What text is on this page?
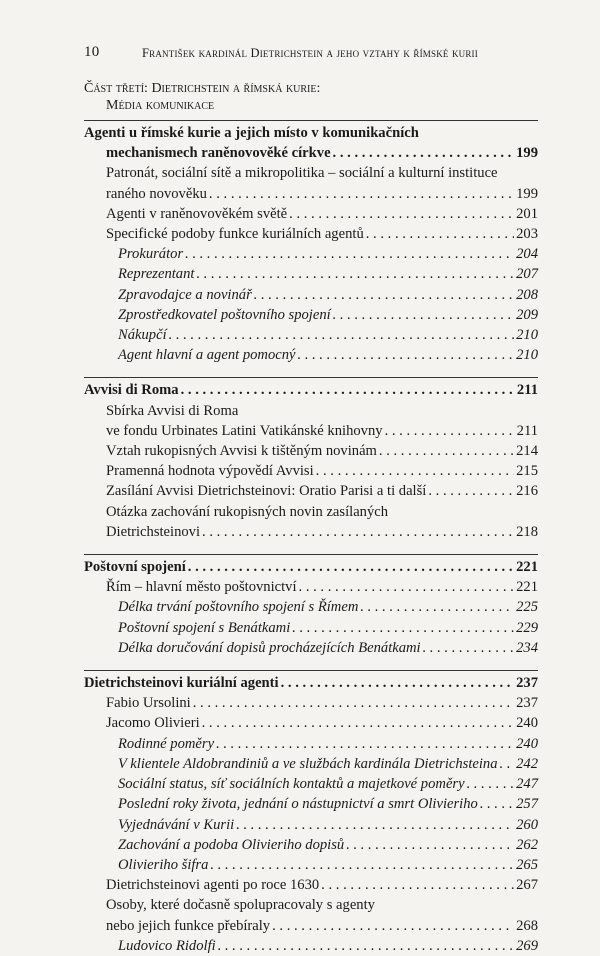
10	František kardinál Dietrichstein a jeho vztahy k římské kurii
Část třetí: Dietrichstein a římská kurie:
Média komunikace
Agenti u římské kurie a jejich místo v komunikačních
mechanismech raněnovověké církve . . .	199
Patronát, sociální sítě a mikropolitika – sociální a kulturní instituce
raného novověku . . .	199
Agenti v raněnovověkém světě . . .	201
Specifické podoby funkce kuriálních agentů . . .	203
Prokurátor . . .	204
Reprezentant . . .	207
Zpravodajce a novinář . . .	208
Zprostředkovatel poštovního spojení . . .	209
Nákupčí . . .	210
Agent hlavní a agent pomocný . . .	210
Avvisi di Roma . . .	211
Sbírka Avvisi di Roma
ve fondu Urbinates Latini Vatikánské knihovny . . .	211
Vztah rukopisných Avvisi k tištěným novinám . . .	214
Pramenná hodnota výpovědí Avvisi . . .	215
Zasílání Avvisi Dietrichsteinovi: Oratio Parisi a ti další . . .	216
Otázka zachování rukopisných novin zasílaných
Dietrichsteinovi . . .	218
Poštovní spojení . . .	221
Řím – hlavní město poštovnictví . . .	221
Délka trvání poštovního spojení s Římem . . .	225
Poštovní spojení s Benátkami . . .	229
Délka doručování dopisů procházejících Benátkami . . .	234
Dietrichsteinovi kuriální agenti . . .	237
Fabio Ursolini . . .	237
Jacomo Olivieri . . .	240
Rodinné poměry . . .	240
V klientele Aldobrandiniů a ve službách kardinála Dietrichsteina . . . 242
Sociální status, síť sociálních kontaktů a majetkové poměry . . .	247
Poslední roky života, jednání o nástupnictví a smrt Olivieriho . . .	257
Vyjednávání v Kurii . . .	260
Zachování a podoba Olivieriho dopisů . . .	262
Olivieriho šifra . . .	265
Dietrichsteinovi agenti po roce 1630 . . .	267
Osoby, které dočasně spolupracovaly s agenty
nebo jejich funkce přebíraly . . .	268
Ludovico Ridolfi . . .	269
